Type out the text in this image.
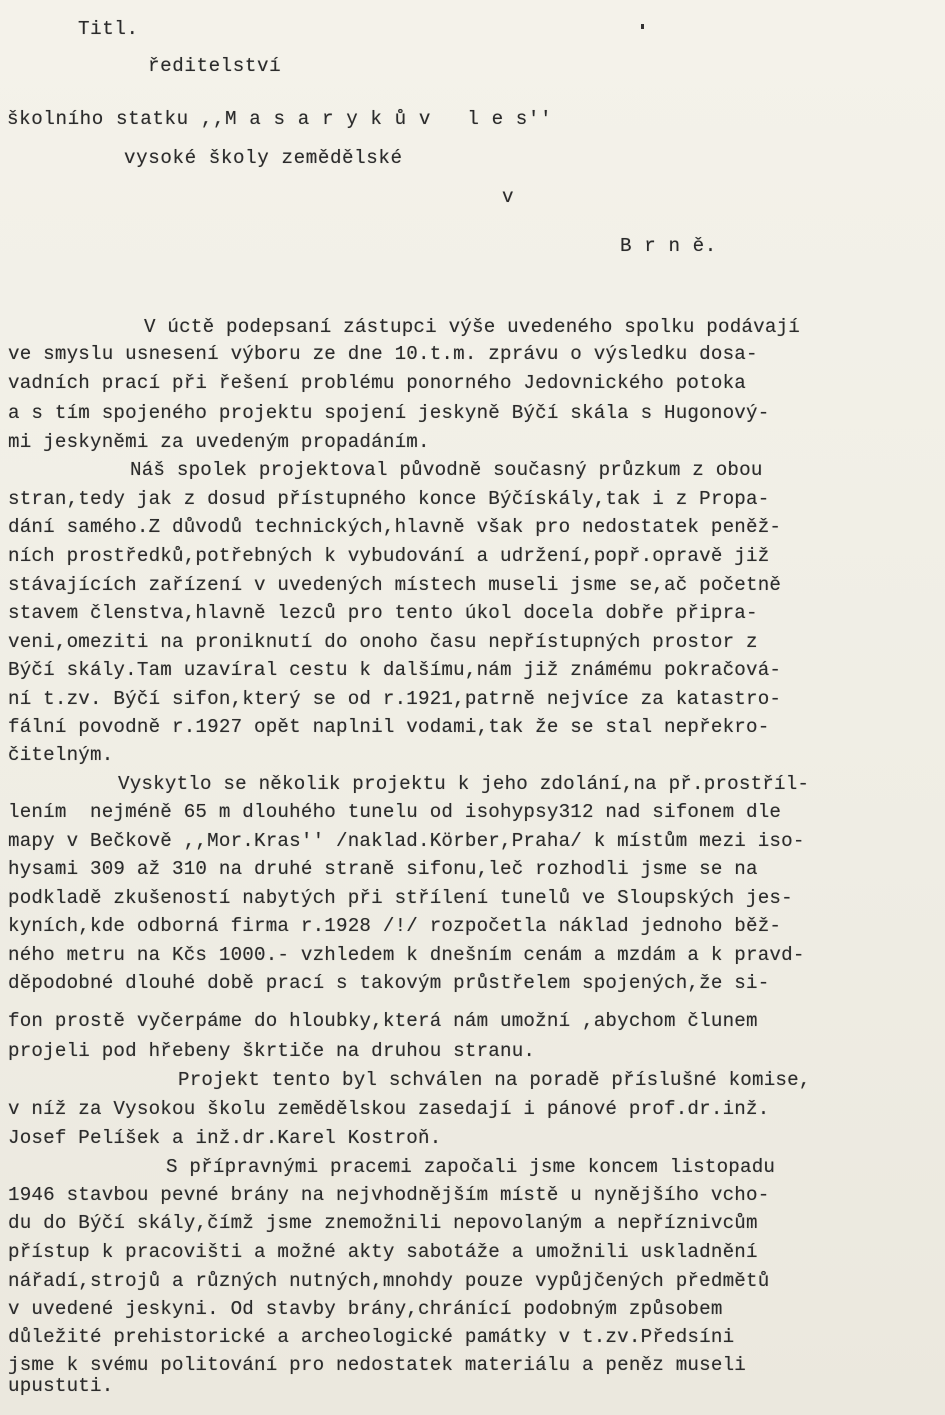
Titl.
ředitelství
školního statku ,,M a s a r y k ů v   l e s''
vysoké školy zemědělské
v
B r n ě.
V úctě podepsaní zástupci výše uvedeného spolku podávají
ve smyslu usnesení výboru ze dne 10.t.m. zprávu o výsledku dosa-
vadních prací při řešení problému ponorného Jedovnického potoka
a s tím spojeného projektu spojení jeskyně Býčí skála s Hugonový-
mi jeskyněmi za uvedeným propadáním.
Náš spolek projektoval původně současný průzkum z obou
stran,tedy jak z dosud přístupného konce Býčískály,tak i z Propa-
dání samého.Z důvodů technických,hlavně však pro nedostatek peněž-
ních prostředků,potřebných k vybudování a udržení,popř.opravě již
stávajících zařízení v uvedených místech museli jsme se,ač početně
stavem členstva,hlavně lezců pro tento úkol docela dobře připra-
veni,omeziti na proniknutí do onoho času nepřístupných prostor z
Býčí skály.Tam uzavíral cestu k dalšímu,nám již známému pokračová-
ní t.zv. Býčí sifon,který se od r.1921,patrně nejvíce za katastro-
fální povodně r.1927 opět naplnil vodami,tak že se stal nepřekro-
čitelným.
Vyskytlo se několik projektu k jeho zdolání,na př.prostříl-
lením  nejméně 65 m dlouhého tunelu od isohypsy312 nad sifonem dle
mapy v Bečkově ,,Mor.Kras'' /naklad.Körber,Praha/ k místům mezi iso-
hysami 309 až 310 na druhé straně sifonu,leč rozhodli jsme se na
podkladě zkušeností nabytých při střílení tunelů ve Sloupských jes-
kyních,kde odborná firma r.1928 /!/ rozpočetla náklad jednoho běž-
ného metru na Kčs 1000.- vzhledem k dnešním cenám a mzdám a k pravd-
děpodobné dlouhé době prací s takovým průstřelem spojených,že si-
fon prostě vyčerpáme do hloubky,která nám umožní ,abychom člunem
projeli pod hřebeny škrtiče na druhou stranu.
Projekt tento byl schválen na poradě příslušné komise,
v níž za Vysokou školu zemědělskou zasedají i pánové prof.dr.inž.
Josef Pelíšek a inž.dr.Karel Kostroň.
S přípravnými pracemi započali jsme koncem listopadu
1946 stavbou pevné brány na nejvhodnějším místě u nynějšího vcho-
du do Býčí skály,čímž jsme znemožnili nepovolaným a nepříznivcům
přístup k pracovišti a možné akty sabotáže a umožnili uskladnění
nářadí,strojů a různých nutných,mnohdy pouze vypůjčených předmětů
v uvedené jeskyni. Od stavby brány,chránící podobným způsobem
důležité prehistorické a archeologické památky v t.zv.Předsíni
jsme k svému politování pro nedostatek materiálu a peněz museli
upustuti.
